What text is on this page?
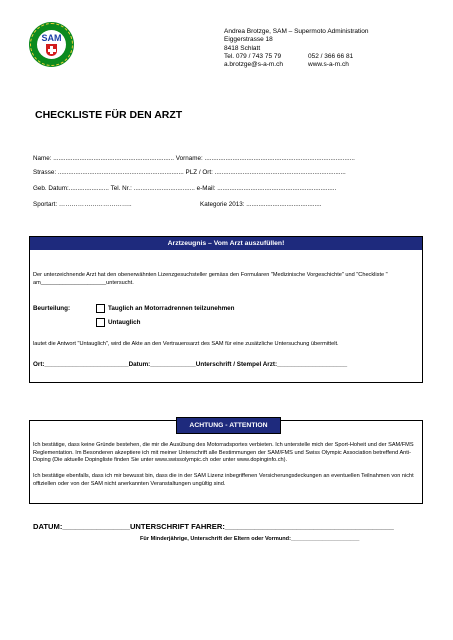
SAM
Andrea Brotzge, SAM – Supermoto Administration
Eiggerstrasse 18
8418 Schlatt
Tel. 079 / 743 75 79	052 / 366 66 81
a.brotzge@s-a-m.ch	www.s-a-m.ch
CHECKLISTE FÜR DEN ARZT
Name: ..................................................................... Vorname: ......................................................................................
Strasse: ........................................................................ PLZ / Ort: ...........................................................................
Geb. Datum:....................... Tel. Nr.: ................................... e-Mail: ....................................................................
Sportart: ……………………………..	Kategorie 2013: ...........................................
Arztzeugnis – Vom Arzt auszufüllen!
Der unterzeichnende Arzt hat den obenerwähnten Lizenzgesuchsteller gemäss den Formularen "Medizinische Vorgeschichte" und "Checkliste " am_____________________untersucht.
Beurteilung:	Tauglich an Motorradrennen teilzunehmen
Untauglich
lautet die Antwort "Untauglich", wird die Akte an den Vertrauensarzt des SAM für eine zusätzliche Untersuchung übermittelt.
Ort:________________________Datum:_____________Unterschrift / Stempel Arzt:____________________
ACHTUNG - ATTENTION
Ich bestätige, dass keine Gründe bestehen, die mir die Ausübung des Motorradsportes verbieten. Ich unterstelle mich der Sport-Hoheit und der SAM/FMS Reglementation. Im Besonderen akzeptiere ich mit meiner Unterschrift alle Bestimmungen der SAM/FMS und Swiss Olympic Association betreffend Anti-Doping (Die aktuelle Dopingliste finden Sie unter www.swissolympic.ch oder unter www.dopinginfo.ch).
Ich bestätige ebenfalls, dass ich mir bewusst bin, dass die in der SAM Lizenz inbegriffenen Versicherungsdeckungen an eventuellen Teilnahmen von nicht offiziellen oder von der SAM nicht anerkannten Veranstaltungen ungültig sind.
DATUM:________________UNTERSCHRIFT FAHRER:________________________________________
Für Minderjährige, Unterschrift der Eltern oder Vormund:______________________
